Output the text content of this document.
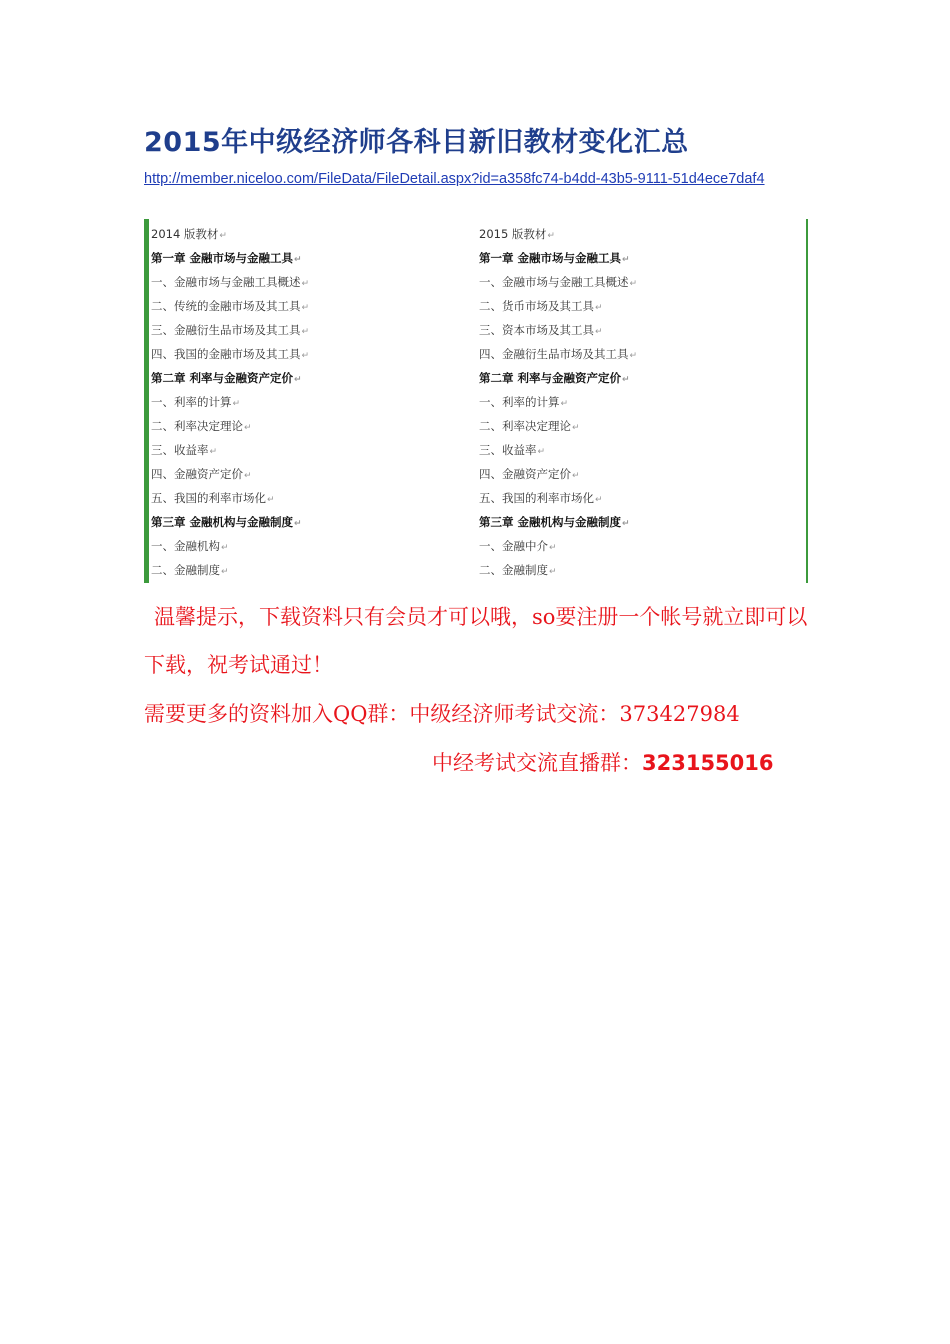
2015年中级经济师各科目新旧教材变化汇总
http://member.niceloo.com/FileData/FileDetail.aspx?id=a358fc74-b4dd-43b5-9111-51d4ece7daf4
2014 版教材↵
第一章 金融市场与金融工具↵
一、金融市场与金融工具概述↵
二、传统的金融市场及其工具↵
三、金融衍生品市场及其工具↵
四、我国的金融市场及其工具↵
第二章 利率与金融资产定价↵
一、利率的计算↵
二、利率决定理论↵
三、收益率↵
四、金融资产定价↵
五、我国的利率市场化↵
第三章 金融机构与金融制度↵
一、金融机构↵
二、金融制度↵
2015 版教材↵
第一章 金融市场与金融工具↵
一、金融市场与金融工具概述↵
二、货币市场及其工具↵
三、资本市场及其工具↵
四、金融衍生品市场及其工具↵
第二章 利率与金融资产定价↵
一、利率的计算↵
二、利率决定理论↵
三、收益率↵
四、金融资产定价↵
五、我国的利率市场化↵
第三章 金融机构与金融制度↵
一、金融中介↵
二、金融制度↵
温馨提示，下载资料只有会员才可以哦，so要注册一个帐号就立即可以下载，祝考试通过！
需要更多的资料加入QQ群：中级经济师考试交流：373427984
中经考试交流直播群：323155016
